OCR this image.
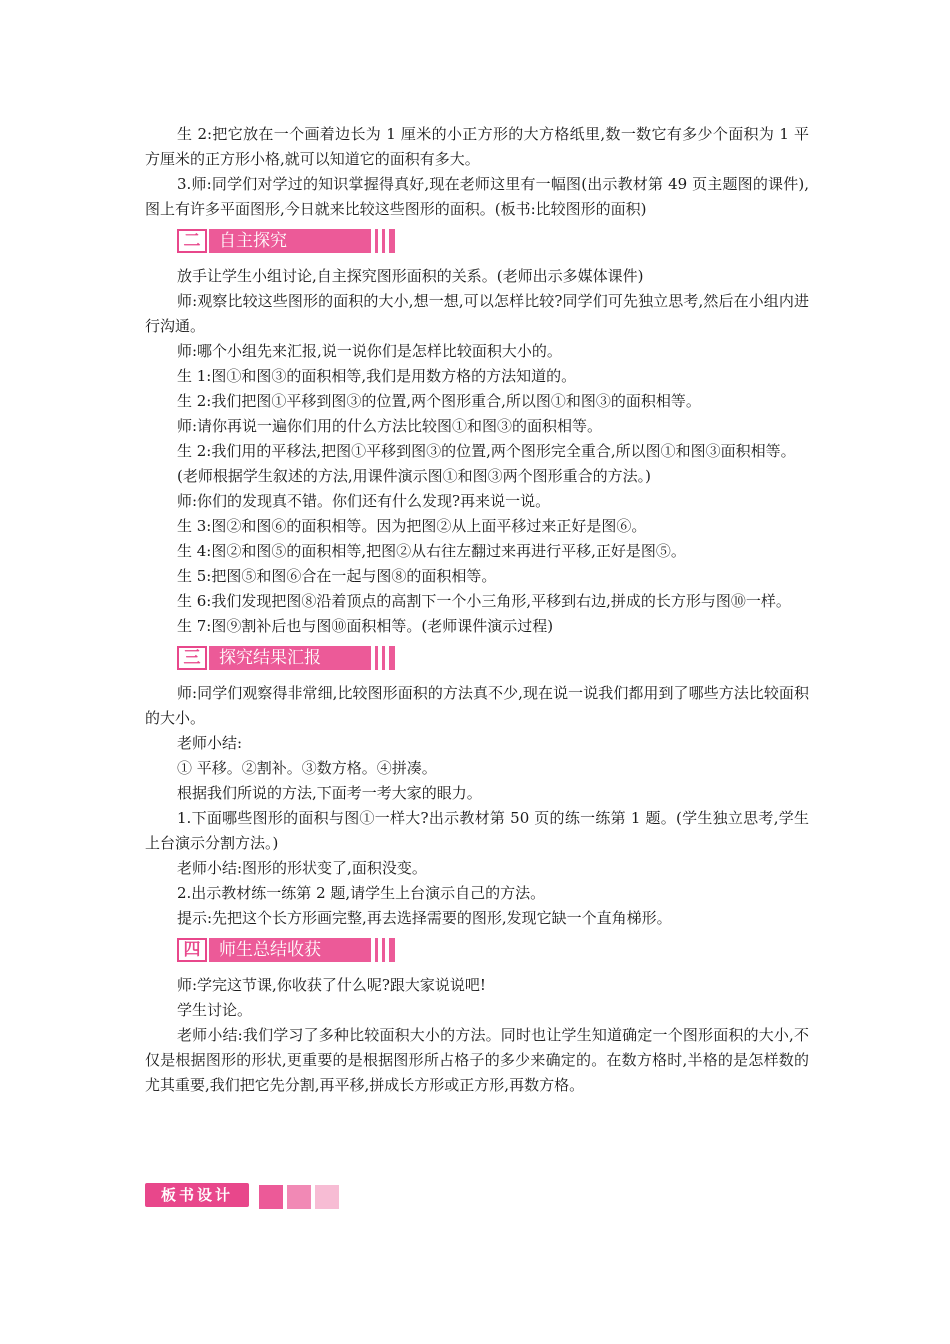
生 2:把它放在一个画着边长为 1 厘米的小正方形的大方格纸里,数一数它有多少个面积为 1 平方厘米的正方形小格,就可以知道它的面积有多大。

3.师:同学们对学过的知识掌握得真好,现在老师这里有一幅图(出示教材第 49 页主题图的课件),图上有许多平面图形,今日就来比较这些图形的面积。(板书:比较图形的面积)

二	自主探究

放手让学生小组讨论,自主探究图形面积的关系。(老师出示多媒体课件)

师:观察比较这些图形的面积的大小,想一想,可以怎样比较?同学们可先独立思考,然后在小组内进行沟通。

师:哪个小组先来汇报,说一说你们是怎样比较面积大小的。

生 1:图①和图③的面积相等,我们是用数方格的方法知道的。

生 2:我们把图①平移到图③的位置,两个图形重合,所以图①和图③的面积相等。

师:请你再说一遍你们用的什么方法比较图①和图③的面积相等。

生 2:我们用的平移法,把图①平移到图③的位置,两个图形完全重合,所以图①和图③面积相等。

(老师根据学生叙述的方法,用课件演示图①和图③两个图形重合的方法。)

师:你们的发现真不错。你们还有什么发现?再来说一说。

生 3:图②和图⑥的面积相等。因为把图②从上面平移过来正好是图⑥。

生 4:图②和图⑤的面积相等,把图②从右往左翻过来再进行平移,正好是图⑤。

生 5:把图⑤和图⑥合在一起与图⑧的面积相等。

生 6:我们发现把图⑧沿着顶点的高割下一个小三角形,平移到右边,拼成的长方形与图⑩一样。

生 7:图⑨割补后也与图⑩面积相等。(老师课件演示过程)

三	探究结果汇报

师:同学们观察得非常细,比较图形面积的方法真不少,现在说一说我们都用到了哪些方法比较面积的大小。

老师小结:

① 平移。②割补。③数方格。④拼凑。

根据我们所说的方法,下面考一考大家的眼力。

1.下面哪些图形的面积与图①一样大?出示教材第 50 页的练一练第 1 题。(学生独立思考,学生上台演示分割方法。)

老师小结:图形的形状变了,面积没变。

2.出示教材练一练第 2 题,请学生上台演示自己的方法。

提示:先把这个长方形画完整,再去选择需要的图形,发现它缺一个直角梯形。

四	师生总结收获

师:学完这节课,你收获了什么呢?跟大家说说吧!

学生讨论。

老师小结:我们学习了多种比较面积大小的方法。同时也让学生知道确定一个图形面积的大小,不仅是根据图形的形状,更重要的是根据图形所占格子的多少来确定的。在数方格时,半格的是怎样数的尤其重要,我们把它先分割,再平移,拼成长方形或正方形,再数方格。

板书设计
